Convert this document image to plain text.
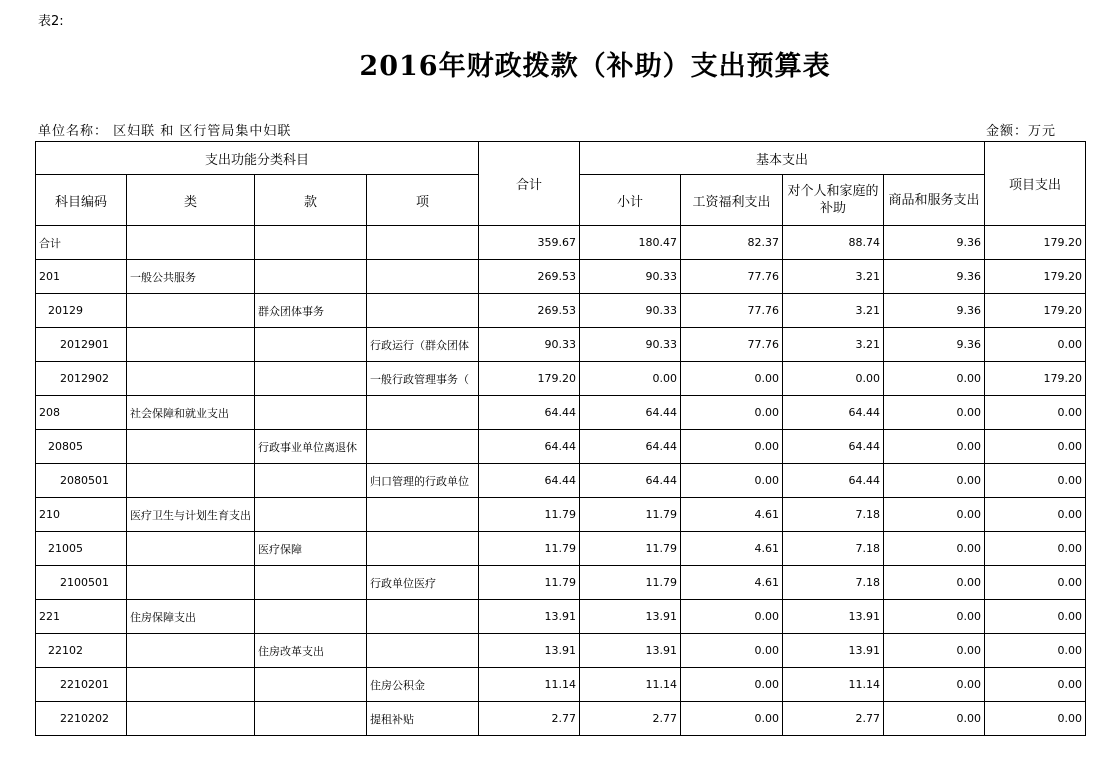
表2:
2016年财政拨款（补助）支出预算表
单位名称： 区妇联 和 区行管局集中妇联	金额：万元
支出功能分类科目				合计	基本支出				项目支出
科目编码	类	款	项		小计	工资福利支出	对个人和家庭的补助	商品和服务支出	
合计				359.67	180.47	82.37	88.74	9.36	179.20
201	一般公共服务			269.53	90.33	77.76	3.21	9.36	179.20
20129		群众团体事务		269.53	90.33	77.76	3.21	9.36	179.20
2012901			行政运行（群众团体	90.33	90.33	77.76	3.21	9.36	0.00
2012902			一般行政管理事务（	179.20	0.00	0.00	0.00	0.00	179.20
208	社会保障和就业支出			64.44	64.44	0.00	64.44	0.00	0.00
20805		行政事业单位离退休		64.44	64.44	0.00	64.44	0.00	0.00
2080501			归口管理的行政单位	64.44	64.44	0.00	64.44	0.00	0.00
210	医疗卫生与计划生育支出			11.79	11.79	4.61	7.18	0.00	0.00
21005		医疗保障		11.79	11.79	4.61	7.18	0.00	0.00
2100501			行政单位医疗	11.79	11.79	4.61	7.18	0.00	0.00
221	住房保障支出			13.91	13.91	0.00	13.91	0.00	0.00
22102		住房改革支出		13.91	13.91	0.00	13.91	0.00	0.00
2210201			住房公积金	11.14	11.14	0.00	11.14	0.00	0.00
2210202			提租补贴	2.77	2.77	0.00	2.77	0.00	0.00
